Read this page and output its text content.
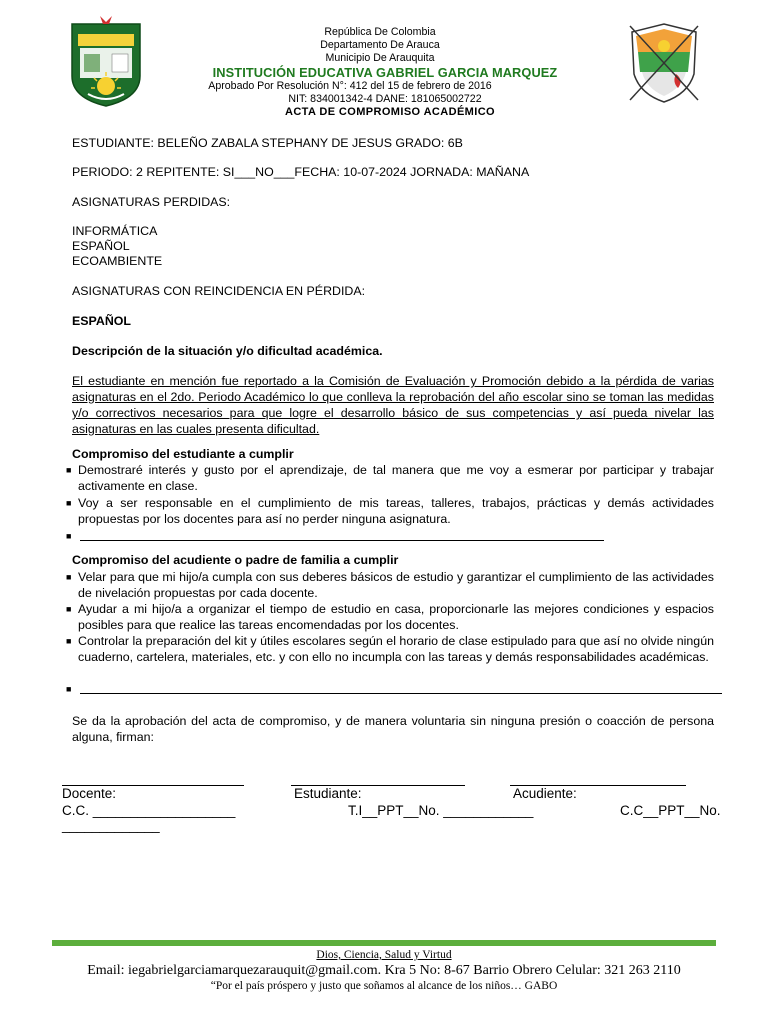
República De Colombia
Departamento De Arauca
Municipio De Arauquita
INSTITUCIÓN EDUCATIVA GABRIEL GARCIA MARQUEZ
Aprobado Por Resolución N°: 412 del 15 de febrero de 2016
NIT: 834001342-4 DANE: 181065002722
ACTA DE COMPROMISO ACADÉMICO
ESTUDIANTE: BELEÑO ZABALA STEPHANY DE JESUS GRADO: 6B
PERIODO: 2 REPITENTE: SI___NO___FECHA: 10-07-2024 JORNADA: MAÑANA
ASIGNATURAS PERDIDAS:
INFORMÁTICA
ESPAÑOL
ECOAMBIENTE
ASIGNATURAS CON REINCIDENCIA EN PÉRDIDA:
ESPAÑOL
Descripción de la situación y/o dificultad académica.
El estudiante en mención fue reportado a la Comisión de Evaluación y Promoción debido a la pérdida de varias asignaturas en el 2do. Periodo Académico lo que conlleva la reprobación del año escolar sino se toman las medidas y/o correctivos necesarios para que logre el desarrollo básico de sus competencias y así pueda nivelar las asignaturas en las cuales presenta dificultad.
Compromiso del estudiante a cumplir
■ Demostraré interés y gusto por el aprendizaje, de tal manera que me voy a esmerar por participar y trabajar activamente en clase.
■ Voy a ser responsable en el cumplimiento de mis tareas, talleres, trabajos, prácticas y demás actividades propuestas por los docentes para así no perder ninguna asignatura.
■
Compromiso del acudiente o padre de familia a cumplir
■ Velar para que mi hijo/a cumpla con sus deberes básicos de estudio y garantizar el cumplimiento de las actividades de nivelación propuestas por cada docente.
■ Ayudar a mi hijo/a a organizar el tiempo de estudio en casa, proporcionarle las mejores condiciones y espacios posibles para que realice las tareas encomendadas por los docentes.
■ Controlar la preparación del kit y útiles escolares según el horario de clase estipulado para que así no olvide ningún cuaderno, cartelera, materiales, etc. y con ello no incumpla con las tareas y demás responsabilidades académicas.
■
Se da la aprobación del acta de compromiso, y de manera voluntaria sin ninguna presión o coacción de persona alguna, firman:
Docente:	Estudiante:	Acudiente:
C.C. ___________________	T.I__PPT__No. ____________	C.C__PPT__No.
_____________
Dios, Ciencia, Salud y Virtud
Email: iegabrielgarciamarquezarauquit@gmail.com. Kra 5 No: 8-67 Barrio Obrero Celular: 321 263 2110
“Por el país próspero y justo que soñamos al alcance de los niños… GABO
